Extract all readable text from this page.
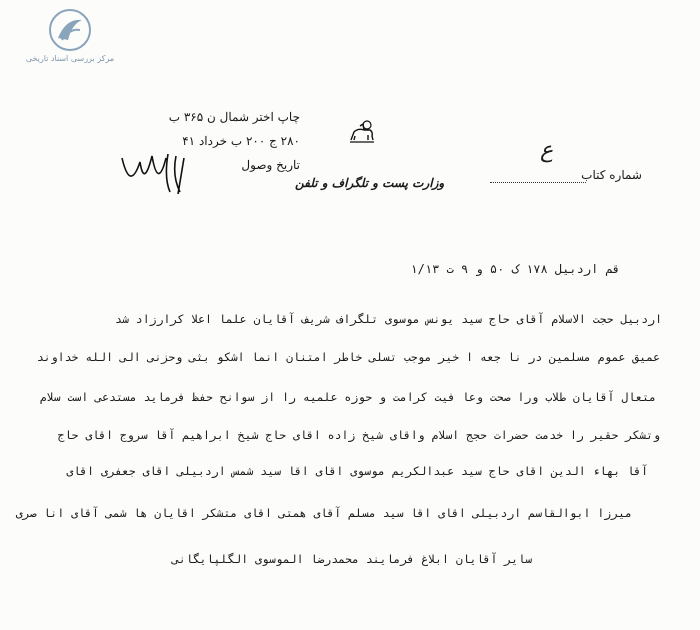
مرکز بررسی اسناد تاریخی
چاپ اختر شمال ن ۳۶۵ ب
۲۸۰ ج ۲۰۰ ب خرداد ۴۱
تاریخ وصول
وزارت پست و تلگراف و تلفن
شماره کتاب
ع
قم اردبیل ۱۷۸ ک ۵۰ و ۹ ت ۱/۱۳
اردبیل حجت الاسلام آقای حاج سید یونس موسوی تلگراف شریف آقایان علما اعلا کرارزاد شد
عمیق عموم مسلمین در نا جعه ا خیر موجب تسلی خاطر امتنان انما اشکو بثی وحزنی الی الله خداوند
متعال آقایان طلاب ورا صحت وعا فیت کرامت و حوزه علمیه را از سوانح حفظ فرماید مستدعی است سلام
وتشکر حقیر را خدمت حضرات حجج اسلام واقای شیخ زاده اقای حاج شیخ ابراهیم آقا سروج اقای حاج
آقا بهاء الدین اقای حاج سید عبدالکریم موسوی اقای اقا سید شمس اردبیلی اقای جعفری اقای
میرزا ابوالقاسم اردبیلی اقای اقا سید مسلم آقای همتی اقای متشکر اقایان ها شمی آقای انا صری
سایر آقایان ابلاغ فرمایند محمدرضا الموسوی الگلپایگانی
